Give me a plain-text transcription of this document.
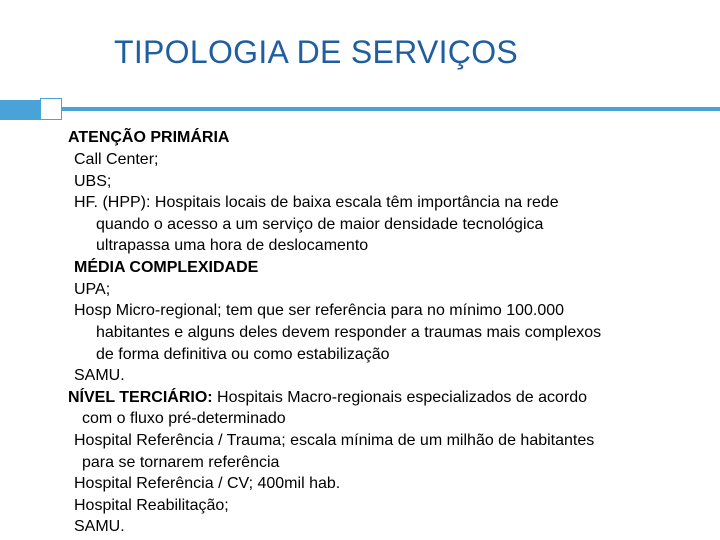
TIPOLOGIA DE SERVIÇOS
ATENÇÃO PRIMÁRIA
Call Center;
UBS;
HF. (HPP): Hospitais locais de baixa escala têm importância na rede
quando o acesso a um serviço de maior densidade tecnológica
ultrapassa uma hora de deslocamento
MÉDIA COMPLEXIDADE
UPA;
Hosp Micro-regional; tem que ser referência para no mínimo 100.000
habitantes e alguns deles devem responder a traumas mais complexos
de forma definitiva ou como estabilização
SAMU.
NÍVEL TERCIÁRIO: Hospitais Macro-regionais especializados de acordo
com o fluxo pré-determinado
Hospital Referência / Trauma; escala mínima de um milhão de habitantes
para se tornarem referência
Hospital Referência / CV; 400mil hab.
Hospital Reabilitação;
SAMU.
